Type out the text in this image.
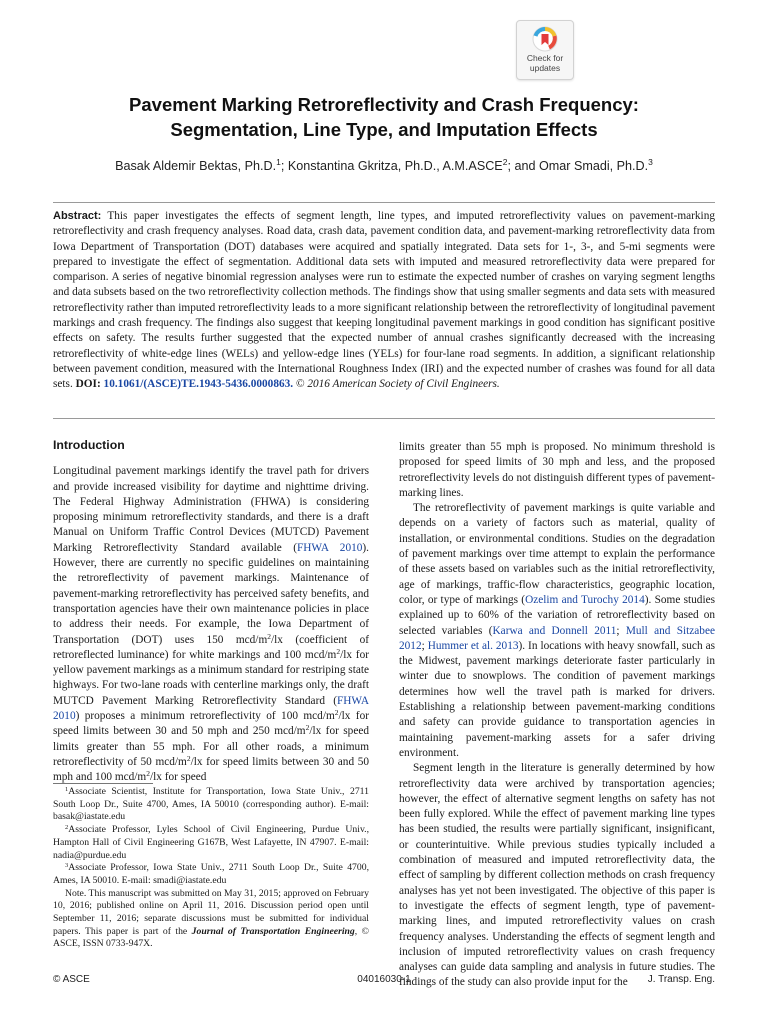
Check for
updates
Pavement Marking Retroreflectivity and Crash Frequency:
Segmentation, Line Type, and Imputation Effects
Basak Aldemir Bektas, Ph.D.$^1$; Konstantina Gkritza, Ph.D., A.M.ASCE$^2$; and Omar Smadi, Ph.D.$^3$
Abstract: This paper investigates the effects of segment length, line types, and imputed retroreflectivity values on pavement-marking retroreflectivity and crash frequency analyses. Road data, crash data, pavement condition data, and pavement-marking retroreflectivity data from Iowa Department of Transportation (DOT) databases were acquired and spatially integrated. Data sets for 1-, 3-, and 5-mi segments were prepared to investigate the effect of segmentation. Additional data sets with imputed and measured retroreflectivity data were prepared for comparison. A series of negative binomial regression analyses were run to estimate the expected number of crashes on varying segment lengths and data subsets based on the two retroreflectivity collection methods. The findings show that using smaller segments and data sets with measured retroreflectivity rather than imputed retroreflectivity leads to a more significant relationship between the retroreflectivity of longitudinal pavement markings and crash frequency. The findings also suggest that keeping longitudinal pavement markings in good condition has significant positive effects on safety. The results further suggested that the expected number of annual crashes significantly decreased with the increasing retroreflectivity of white-edge lines (WELs) and yellow-edge lines (YELs) for four-lane road segments. In addition, a significant relationship between pavement condition, measured with the International Roughness Index (IRI) and the expected number of crashes was found for all data sets. DOI: 10.1061/(ASCE)TE.1943-5436.0000863. © 2016 American Society of Civil Engineers.
Introduction

Longitudinal pavement markings identify the travel path for drivers and provide increased visibility for daytime and nighttime driving. The Federal Highway Administration (FHWA) is considering proposing minimum retroreflectivity standards, and there is a draft Manual on Uniform Traffic Control Devices (MUTCD) Pavement Marking Retroreflectivity Standard available (FHWA 2010). However, there are currently no specific guidelines on maintaining the retroreflectivity of pavement markings. Maintenance of pavement-marking retroreflectivity has perceived safety benefits, and transportation agencies have their own maintenance policies in place to address their needs. For example, the Iowa Department of Transportation (DOT) uses 150 mcd/$m^2/lx$ (coefficient of retroreflected luminance) for white markings and 100 mcd/$m^2/lx$ for yellow pavement markings as a minimum standard for restriping state highways. For two-lane roads with centerline markings only, the draft MUTCD Pavement Marking Retroreflectivity Standard (FHWA 2010) proposes a minimum retroreflectivity of 100 mcd/$m^2/lx$ for speed limits between 30 and 50 mph and 250 mcd/$m^2/lx$ for speed limits greater than 55 mph. For all other roads, a minimum retroreflectivity of 50 mcd/$m^2/lx$ for speed limits between 30 and 50 mph and 100 mcd/$m^2/lx$ for speed

$^1$Associate Scientist, Institute for Transportation, Iowa State Univ., 2711 South Loop Dr., Suite 4700, Ames, IA 50010 (corresponding author). E-mail: basak@iastate.edu

$^2$Associate Professor, Lyles School of Civil Engineering, Purdue Univ., Hampton Hall of Civil Engineering G167B, West Lafayette, IN 47907. E-mail: nadia@purdue.edu

$^3$Associate Professor, Iowa State Univ., 2711 South Loop Dr., Suite 4700, Ames, IA 50010. E-mail: smadi@iastate.edu

Note. This manuscript was submitted on May 31, 2015; approved on February 10, 2016; published online on April 11, 2016. Discussion period open until September 11, 2016; separate discussions must be submitted for individual papers. This paper is part of the Journal of Transportation Engineering, © ASCE, ISSN 0733-947X.

limits greater than 55 mph is proposed. No minimum threshold is proposed for speed limits of 30 mph and less, and the proposed retroreflectivity levels do not distinguish different types of pavement-marking lines.

The retroreflectivity of pavement markings is quite variable and depends on a variety of factors such as material, quality of installation, or environmental conditions. Studies on the degradation of pavement markings over time attempt to explain the performance of these assets based on variables such as the initial retroreflectivity, age of markings, traffic-flow characteristics, geographic location, color, or type of markings (Ozelim and Turochy 2014). Some studies explained up to 60% of the variation of retroreflectivity based on selected variables (Karwa and Donnell 2011; Mull and Sitzabee 2012; Hummer et al. 2013). In locations with heavy snowfall, such as the Midwest, pavement markings deteriorate faster particularly in winter due to snowplows. The condition of pavement markings determines how well the travel path is marked for drivers. Establishing a relationship between pavement-marking conditions and safety can provide guidance to transportation agencies in maintaining pavement-marking assets for a safer driving environment.

Segment length in the literature is generally determined by how retroreflectivity data were archived by transportation agencies; however, the effect of alternative segment lengths on safety has not been fully explored. While the effect of pavement marking line types has been studied, the results were partially significant, insignificant, or counterintuitive. While previous studies typically included a combination of measured and imputed retroreflectivity data, the effect of sampling by different collection methods on crash frequency analyses has yet not been investigated. The objective of this paper is to investigate the effects of segment length, type of pavement-marking lines, and imputed retroreflectivity values on crash frequency analyses. Understanding the effects of segment length and inclusion of imputed retroreflectivity values on crash frequency analyses can guide data sampling and analysis in future studies. The findings of the study can also provide input for the

© ASCE	04016030-1	J. Transp. Eng.
